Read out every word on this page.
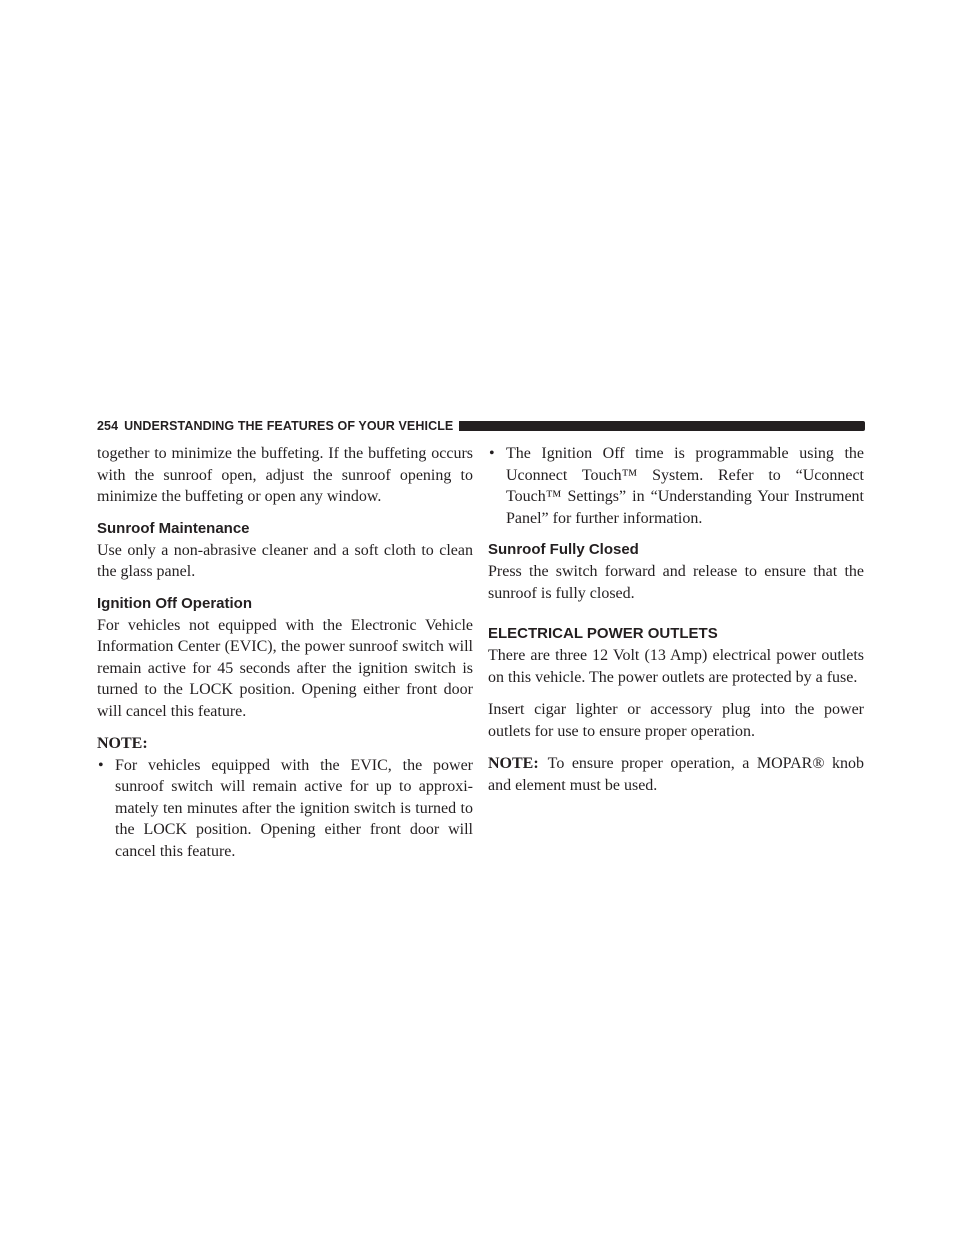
254 UNDERSTANDING THE FEATURES OF YOUR VEHICLE

together to minimize the buffeting. If the buffeting occurs with the sunroof open, adjust the sunroof opening to minimize the buffeting or open any window.

Sunroof Maintenance

Use only a non-abrasive cleaner and a soft cloth to clean the glass panel.

Ignition Off Operation

For vehicles not equipped with the Electronic Vehicle Information Center (EVIC), the power sunroof switch will remain active for 45 seconds after the ignition switch is turned to the LOCK position. Opening either front door will cancel this feature.

NOTE:
• For vehicles equipped with the EVIC, the power sunroof switch will remain active for up to approxi- mately ten minutes after the ignition switch is turned to the LOCK position. Opening either front door will cancel this feature.
• The Ignition Off time is programmable using the Uconnect Touch™ System. Refer to “Uconnect Touch™ Settings” in “Understanding Your Instrument Panel” for further information.
Sunroof Fully Closed

Press the switch forward and release to ensure that the sunroof is fully closed.

ELECTRICAL POWER OUTLETS

There are three 12 Volt (13 Amp) electrical power outlets on this vehicle. The power outlets are protected by a fuse.

Insert cigar lighter or accessory plug into the power outlets for use to ensure proper operation.

NOTE: To ensure proper operation, a MOPAR® knob and element must be used.
